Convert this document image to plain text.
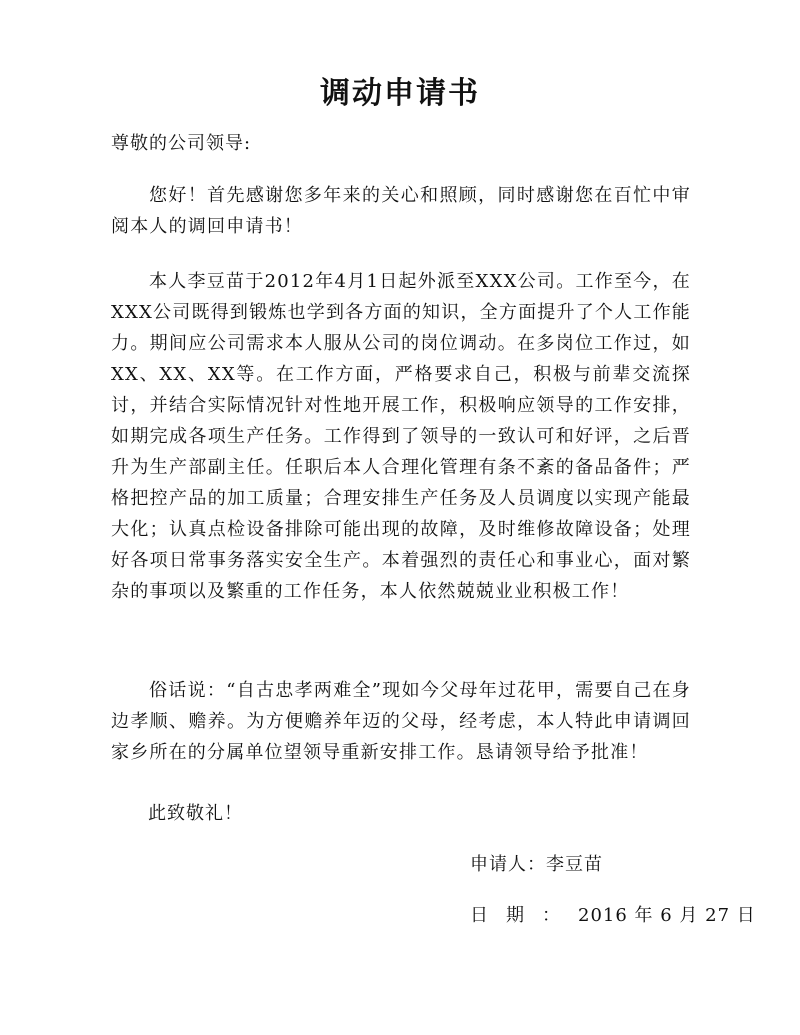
调动申请书
尊敬的公司领导:
您好！首先感谢您多年来的关心和照顾，同时感谢您在百忙中审阅本人的调回申请书！
本人李豆苗于2012年4月1日起外派至XXX公司。工作至今，在XXX公司既得到锻炼也学到各方面的知识，全方面提升了个人工作能力。期间应公司需求本人服从公司的岗位调动。在多岗位工作过，如XX、XX、XX等。在工作方面，严格要求自己，积极与前辈交流探讨，并结合实际情况针对性地开展工作，积极响应领导的工作安排，如期完成各项生产任务。工作得到了领导的一致认可和好评，之后晋升为生产部副主任。任职后本人合理化管理有条不紊的备品备件；严格把控产品的加工质量；合理安排生产任务及人员调度以实现产能最大化；认真点检设备排除可能出现的故障，及时维修故障设备；处理好各项日常事务落实安全生产。本着强烈的责任心和事业心，面对繁杂的事项以及繁重的工作任务，本人依然兢兢业业积极工作！
俗话说：“自古忠孝两难全”现如今父母年过花甲，需要自己在身边孝顺、赡养。为方便赡养年迈的父母，经考虑，本人特此申请调回家乡所在的分属单位望领导重新安排工作。恳请领导给予批准！
此致敬礼！
申请人：李豆苗
日期：2016 年 6 月 27 日
